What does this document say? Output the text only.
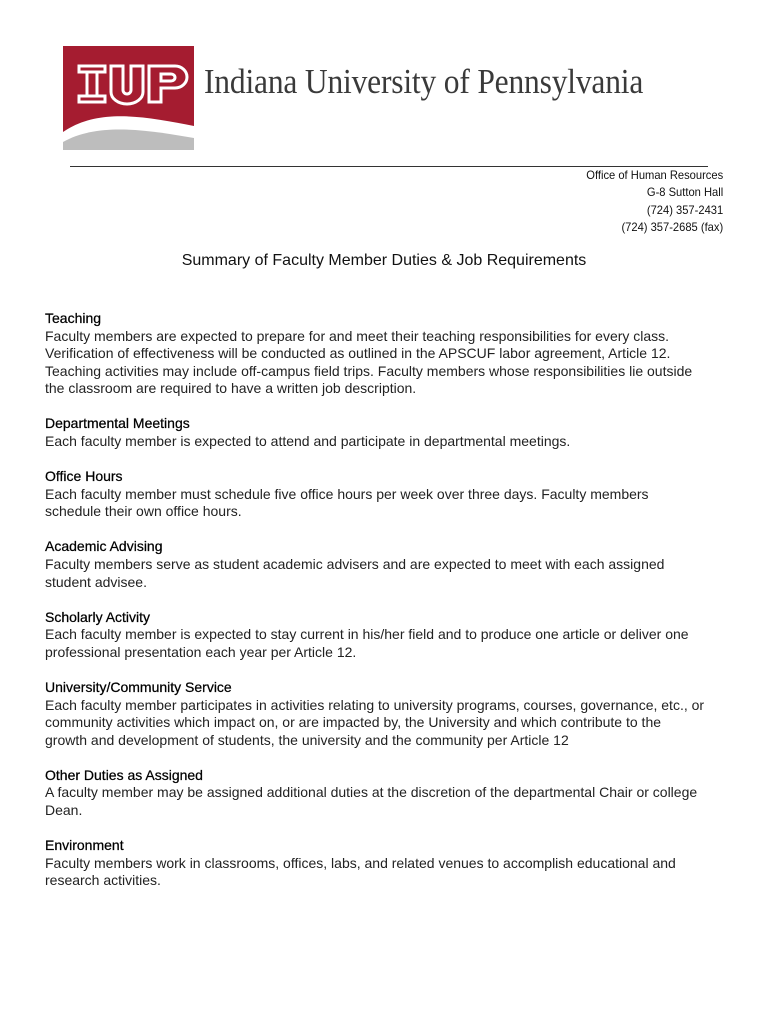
Indiana University of Pennsylvania
Office of Human Resources
G-8 Sutton Hall
(724) 357-2431
(724) 357-2685 (fax)
Summary of Faculty Member Duties & Job Requirements
Teaching
Faculty members are expected to prepare for and meet their teaching responsibilities for every class.
Verification of effectiveness will be conducted as outlined in the APSCUF labor agreement, Article 12.
Teaching activities may include off-campus field trips. Faculty members whose responsibilities lie outside
the classroom are required to have a written job description.
Departmental Meetings
Each faculty member is expected to attend and participate in departmental meetings.
Office Hours
Each faculty member must schedule five office hours per week over three days. Faculty members
schedule their own office hours.
Academic Advising
Faculty members serve as student academic advisers and are expected to meet with each assigned
student advisee.
Scholarly Activity
Each faculty member is expected to stay current in his/her field and to produce one article or deliver one
professional presentation each year per Article 12.
University/Community Service
Each faculty member participates in activities relating to university programs, courses, governance, etc., or
community activities which impact on, or are impacted by, the University and which contribute to the
growth and development of students, the university and the community per Article 12
Other Duties as Assigned
A faculty member may be assigned additional duties at the discretion of the departmental Chair or college
Dean.
Environment
Faculty members work in classrooms, offices, labs, and related venues to accomplish educational and
research activities.
